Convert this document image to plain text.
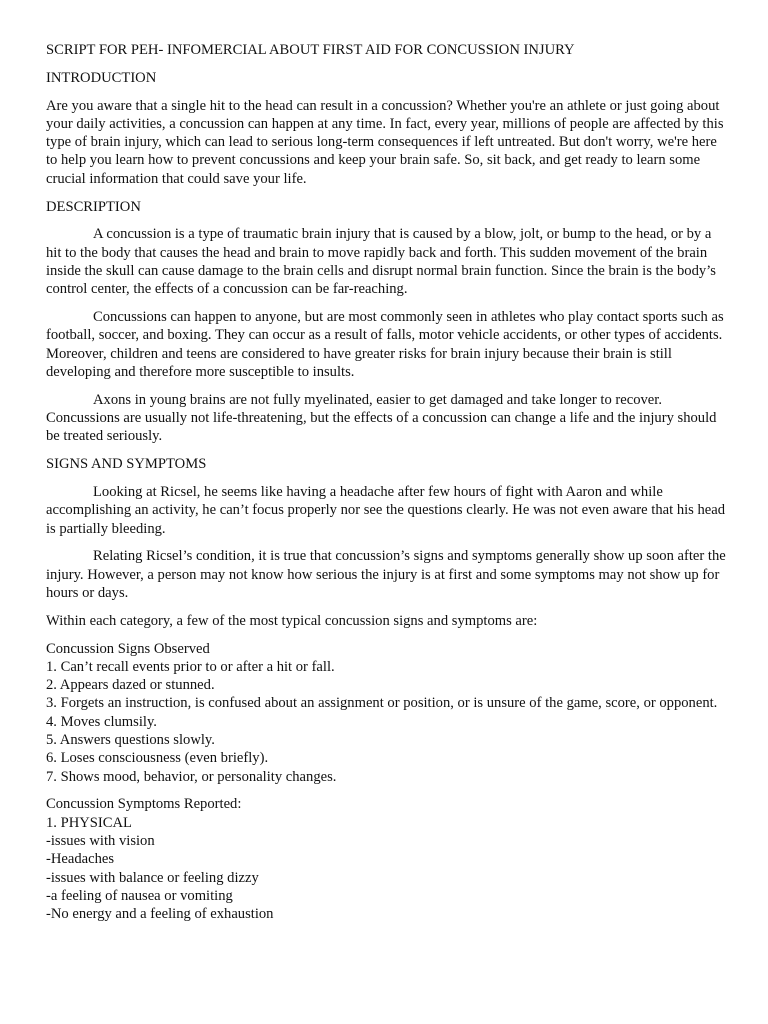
SCRIPT FOR PEH- INFOMERCIAL ABOUT FIRST AID FOR CONCUSSION INJURY

INTRODUCTION

Are you aware that a single hit to the head can result in a concussion? Whether you're an athlete or just going about your daily activities, a concussion can happen at any time. In fact, every year, millions of people are affected by this type of brain injury, which can lead to serious long-term consequences if left untreated. But don't worry, we're here to help you learn how to prevent concussions and keep your brain safe. So, sit back, and get ready to learn some crucial information that could save your life.

DESCRIPTION

A concussion is a type of traumatic brain injury that is caused by a blow, jolt, or bump to the head, or by a hit to the body that causes the head and brain to move rapidly back and forth. This sudden movement of the brain inside the skull can cause damage to the brain cells and disrupt normal brain function. Since the brain is the body’s control center, the effects of a concussion can be far-reaching.

Concussions can happen to anyone, but are most commonly seen in athletes who play contact sports such as football, soccer, and boxing. They can occur as a result of falls, motor vehicle accidents, or other types of accidents. Moreover, children and teens are considered to have greater risks for brain injury because their brain is still developing and therefore more susceptible to insults.

Axons in young brains are not fully myelinated, easier to get damaged and take longer to recover. Concussions are usually not life-threatening, but the effects of a concussion can change a life and the injury should be treated seriously.

SIGNS AND SYMPTOMS

Looking at Ricsel, he seems like having a headache after few hours of fight with Aaron and while accomplishing an activity, he can’t focus properly nor see the questions clearly. He was not even aware that his head is partially bleeding.

Relating Ricsel’s condition, it is true that concussion’s signs and symptoms generally show up soon after the injury. However, a person may not know how serious the injury is at first and some symptoms may not show up for hours or days.

Within each category, a few of the most typical concussion signs and symptoms are:

Concussion Signs Observed
1. Can’t recall events prior to or after a hit or fall.
2. Appears dazed or stunned.
3. Forgets an instruction, is confused about an assignment or position, or is unsure of the game, score, or opponent.
4. Moves clumsily.
5. Answers questions slowly.
6. Loses consciousness (even briefly).
7. Shows mood, behavior, or personality changes.
Concussion Symptoms Reported:
1. PHYSICAL
-issues with vision
-Headaches
-issues with balance or feeling dizzy
-a feeling of nausea or vomiting
-No energy and a feeling of exhaustion
